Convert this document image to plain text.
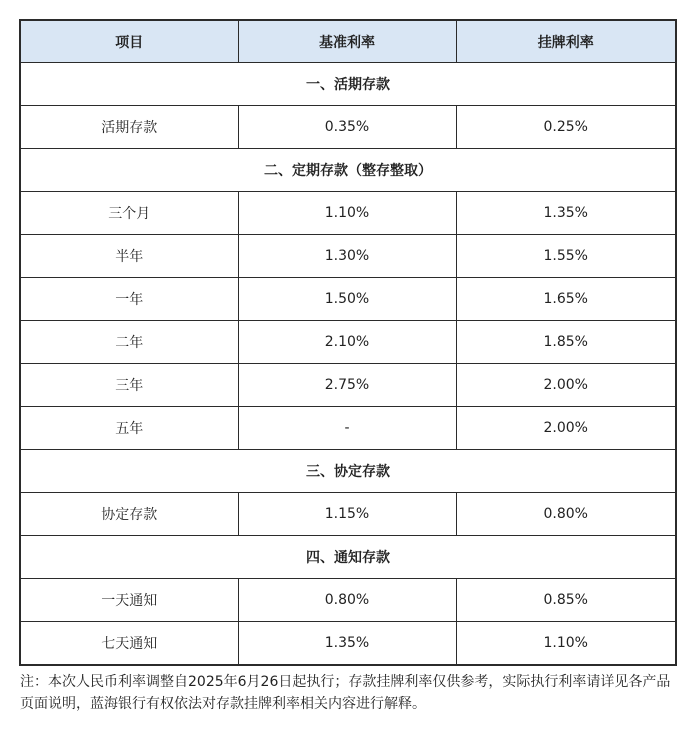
项目	基准利率	挂牌利率
一、活期存款		
活期存款	0.35%	0.25%
二、定期存款（整存整取）		
三个月	1.10%	1.35%
半年	1.30%	1.55%
一年	1.50%	1.65%
二年	2.10%	1.85%
三年	2.75%	2.00%
五年	-	2.00%
三、协定存款		
协定存款	1.15%	0.80%
四、通知存款		
一天通知	0.80%	0.85%
七天通知	1.35%	1.10%
注：本次人民币利率调整自2025年6月26日起执行；存款挂牌利率仅供参考，实际执行利率请详见各产品页面说明，蓝海银行有权依法对存款挂牌利率相关内容进行解释。
